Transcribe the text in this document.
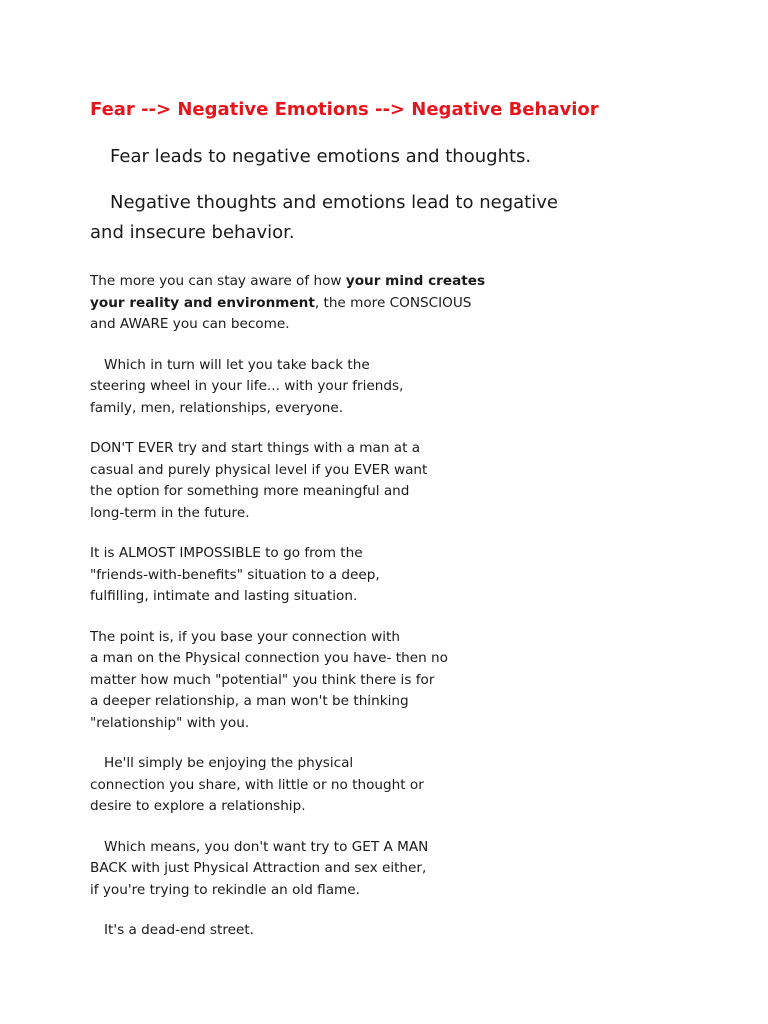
Fear --> Negative Emotions --> Negative Behavior

Fear leads to negative emotions and thoughts.

Negative thoughts and emotions lead to negative
and insecure behavior.

The more you can stay aware of how your mind creates
your reality and environment, the more CONSCIOUS
and AWARE you can become.

Which in turn will let you take back the
steering wheel in your life... with your friends,
family, men, relationships, everyone.

DON'T EVER try and start things with a man at a
casual and purely physical level if you EVER want
the option for something more meaningful and
long-term in the future.

It is ALMOST IMPOSSIBLE to go from the
"friends-with-benefits" situation to a deep,
fulfilling, intimate and lasting situation.

The point is, if you base your connection with
a man on the Physical connection you have- then no
matter how much "potential" you think there is for
a deeper relationship, a man won't be thinking
"relationship" with you.

He'll simply be enjoying the physical
connection you share, with little or no thought or
desire to explore a relationship.

Which means, you don't want try to GET A MAN
BACK with just Physical Attraction and sex either,
if you're trying to rekindle an old flame.

It's a dead-end street.
